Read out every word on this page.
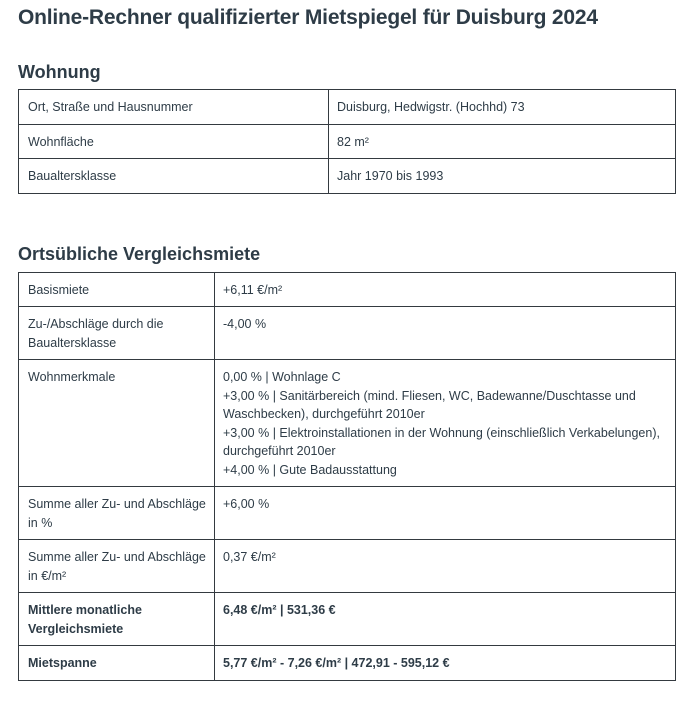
Online-Rechner qualifizierter Mietspiegel für Duisburg 2024
Wohnung
Ort, Straße und Hausnummer	Duisburg, Hedwigstr. (Hochhd) 73
Wohnfläche	82 m²
Baualtersklasse	Jahr 1970 bis 1993
Ortsübliche Vergleichsmiete
Basismiete	+6,11 €/m²
Zu-/Abschläge durch die Baualtersklasse	-4,00 %
Wohnmerkmale	0,00 % | Wohnlage C
+3,00 % | Sanitärbereich (mind. Fliesen, WC, Badewanne/Duschtasse und Waschbecken), durchgeführt 2010er
+3,00 % | Elektroinstallationen in der Wohnung (einschließlich Verkabelungen), durchgeführt 2010er
+4,00 % | Gute Badausstattung

Summe aller Zu- und Abschläge in %	+6,00 %
Summe aller Zu- und Abschläge in €/m²	0,37 €/m²
Mittlere monatliche Vergleichsmiete	6,48 €/m² | 531,36 €
Mietspanne	5,77 €/m² - 7,26 €/m² | 472,91 - 595,12 €
